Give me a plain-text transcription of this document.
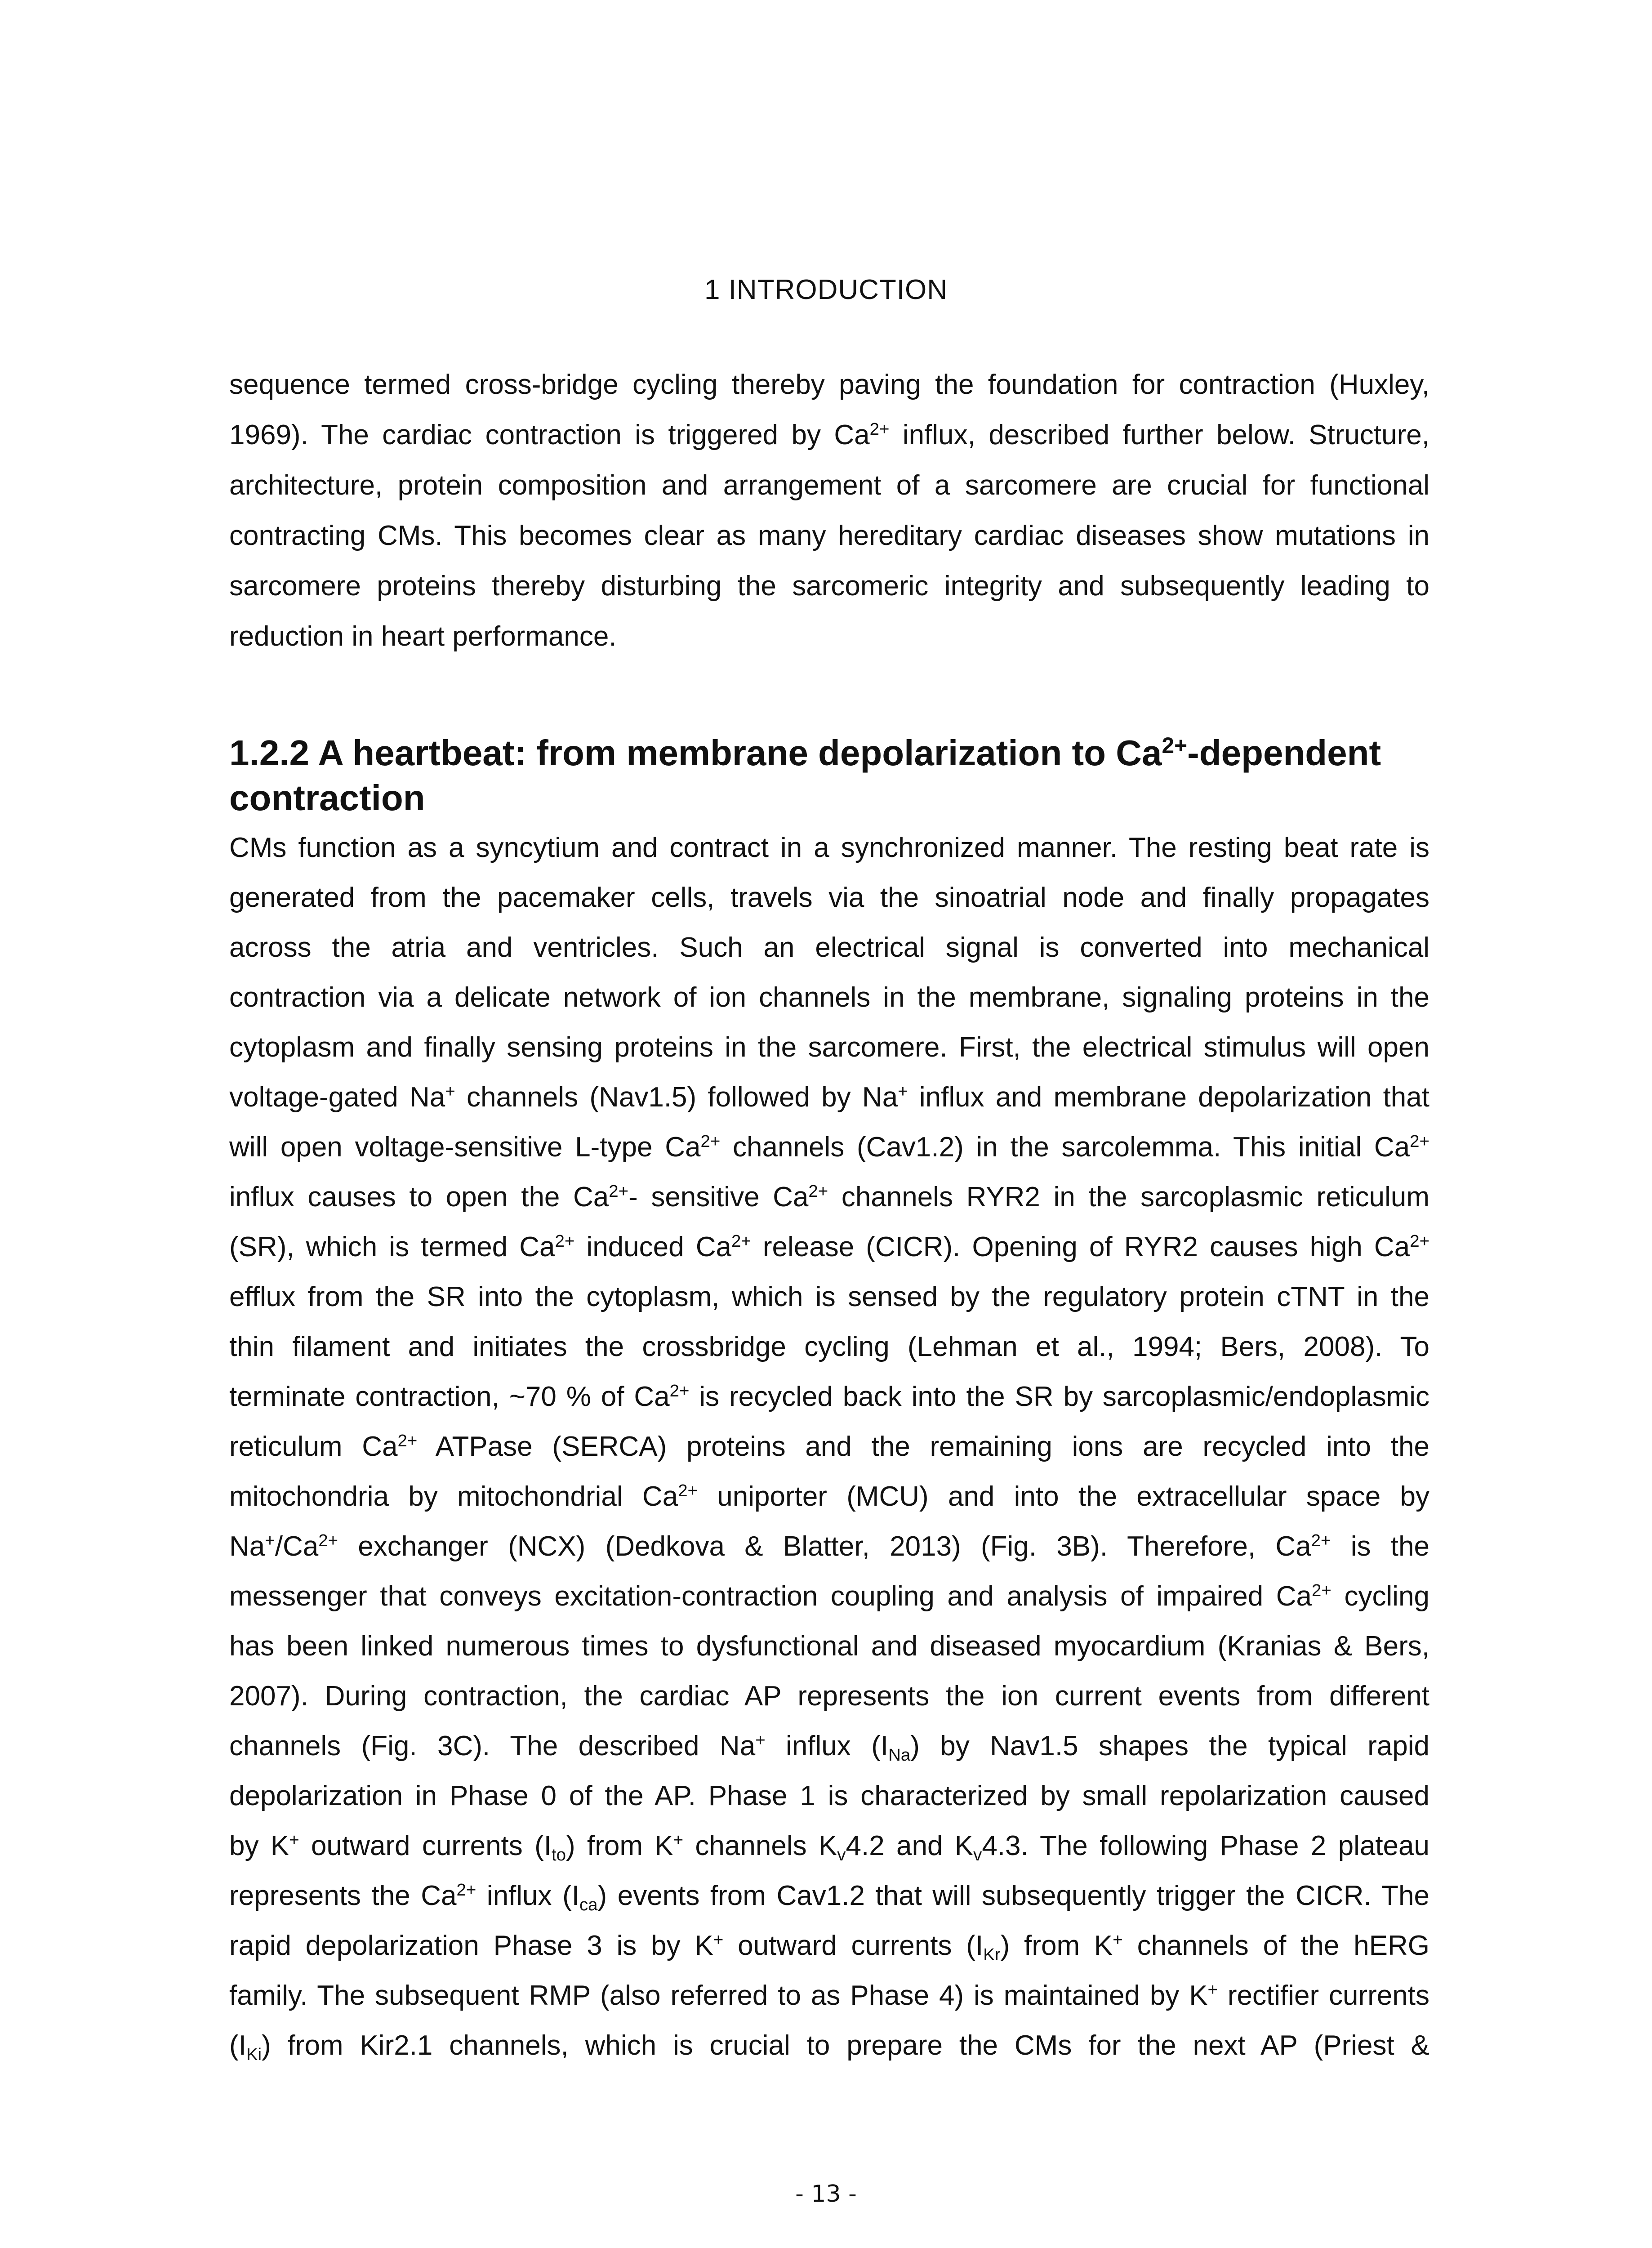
1 INTRODUCTION
sequence termed cross-bridge cycling thereby paving the foundation for contraction (Huxley,
1969). The cardiac contraction is triggered by $Ca^{2+}$ influx, described further below. Structure,
architecture, protein composition and arrangement of a sarcomere are crucial for functional
contracting CMs. This becomes clear as many hereditary cardiac diseases show mutations in
sarcomere proteins thereby disturbing the sarcomeric integrity and subsequently leading to
reduction in heart performance.
1.2.2 A heartbeat: from membrane depolarization to $Ca^{2+}$-dependent
contraction
CMs function as a syncytium and contract in a synchronized manner. The resting beat rate is
generated from the pacemaker cells, travels via the sinoatrial node and finally propagates
across the atria and ventricles. Such an electrical signal is converted into mechanical
contraction via a delicate network of ion channels in the membrane, signaling proteins in the
cytoplasm and finally sensing proteins in the sarcomere. First, the electrical stimulus will open
voltage-gated Na+ channels (Nav1.5) followed by Na+ influx and membrane depolarization that
will open voltage-sensitive L-type $Ca^{2+}$ channels (Cav1.2) in the sarcolemma. This initial $Ca^{2+}$
influx causes to open the $Ca^{2+}-$ sensitive $Ca^{2+}$ channels RYR2 in the sarcoplasmic reticulum
(SR), which is termed $Ca^{2+}$ induced $Ca^{2+}$ release (CICR). Opening of RYR2 causes high $Ca^{2+}$
efflux from the SR into the cytoplasm, which is sensed by the regulatory protein cTNT in the
thin filament and initiates the crossbridge cycling (Lehman et al., 1994; Bers, 2008). To
terminate contraction, ~70 % of $Ca^{2+}$ is recycled back into the SR by sarcoplasmic/endoplasmic
reticulum $Ca^{2+}$ ATPase (SERCA) proteins and the remaining ions are recycled into the
mitochondria by mitochondrial $Ca^{2+}$ uniporter (MCU) and into the extracellular space by
$Na^+/Ca^{2+}$ exchanger (NCX) (Dedkova & Blatter, 2013) (Fig. 3B). Therefore, $Ca^{2+}$ is the
messenger that conveys excitation-contraction coupling and analysis of impaired $Ca^{2+}$ cycling
has been linked numerous times to dysfunctional and diseased myocardium (Kranias & Bers,
2007). During contraction, the cardiac AP represents the ion current events from different
channels (Fig. 3C). The described Na+ influx $(I_{Na})$ by Nav1.5 shapes the typical rapid
depolarization in Phase 0 of the AP. Phase 1 is characterized by small repolarization caused
by K+ outward currents $(I_{to})$ from K+ channels $K_v4.2$ and $K_v4.3$. The following Phase 2 plateau
represents the $Ca^{2+}$ influx $(I_{ca})$ events from Cav1.2 that will subsequently trigger the CICR. The
rapid depolarization Phase 3 is by K+ outward currents $(I_{Kr})$ from K+ channels of the hERG
family. The subsequent RMP (also referred to as Phase 4) is maintained by K+ rectifier currents
$(I_{Ki})$ from Kir2.1 channels, which is crucial to prepare the CMs for the next AP (Priest &
- 13 -
